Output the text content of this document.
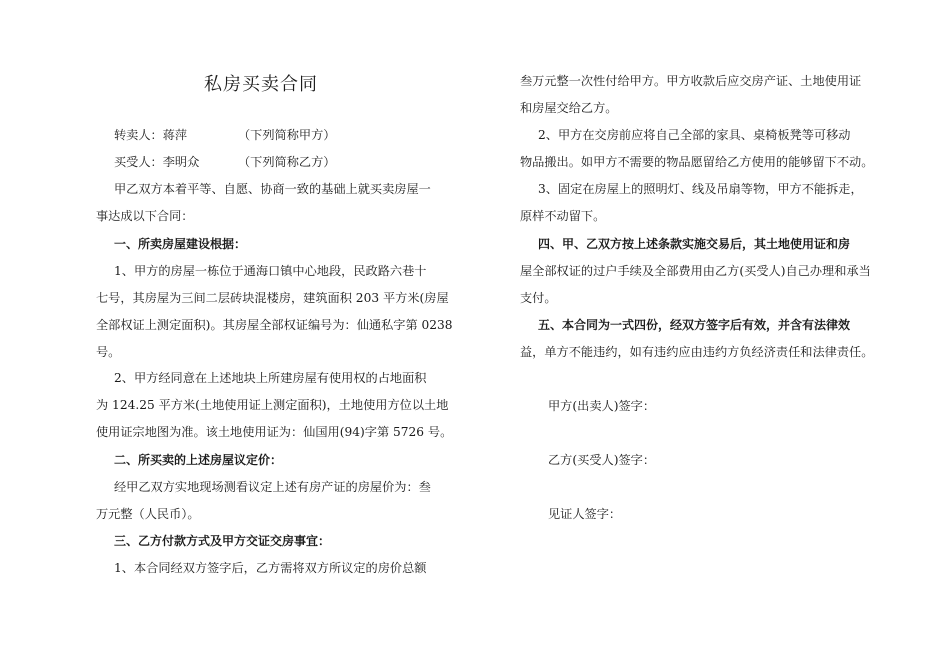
私房买卖合同
转卖人：蒋萍	（下列简称甲方）
买受人：李明众	（下列简称乙方）
甲乙双方本着平等、自愿、协商一致的基础上就买卖房屋一
事达成以下合同：
一、所卖房屋建设根据：
1、甲方的房屋一栋位于通海口镇中心地段，民政路六巷十
七号，其房屋为三间二层砖块混楼房，建筑面积 203 平方米(房屋
全部权证上测定面积)。其房屋全部权证编号为：仙通私字第 0238
号。
2、甲方经同意在上述地块上所建房屋有使用权的占地面积
为 124.25 平方米(土地使用证上测定面积)，土地使用方位以土地
使用证宗地图为准。该土地使用证为：仙国用(94)字第 5726 号。
二、所买卖的上述房屋议定价：
经甲乙双方实地现场测看议定上述有房产证的房屋价为：叁
万元整（人民币）。
三、乙方付款方式及甲方交证交房事宜：
1、本合同经双方签字后，乙方需将双方所议定的房价总额
叁万元整一次性付给甲方。甲方收款后应交房产证、土地使用证
和房屋交给乙方。
2、甲方在交房前应将自己全部的家具、桌椅板凳等可移动
物品搬出。如甲方不需要的物品愿留给乙方使用的能够留下不动。
3、固定在房屋上的照明灯、线及吊扇等物，甲方不能拆走，
原样不动留下。
四、甲、乙双方按上述条款实施交易后，其土地使用证和房
屋全部权证的过户手续及全部费用由乙方(买受人)自己办理和承当
支付。
五、本合同为一式四份，经双方签字后有效，并含有法律效
益，单方不能违约，如有违约应由违约方负经济责任和法律责任。
甲方(出卖人)签字：
乙方(买受人)签字：
见证人签字：
